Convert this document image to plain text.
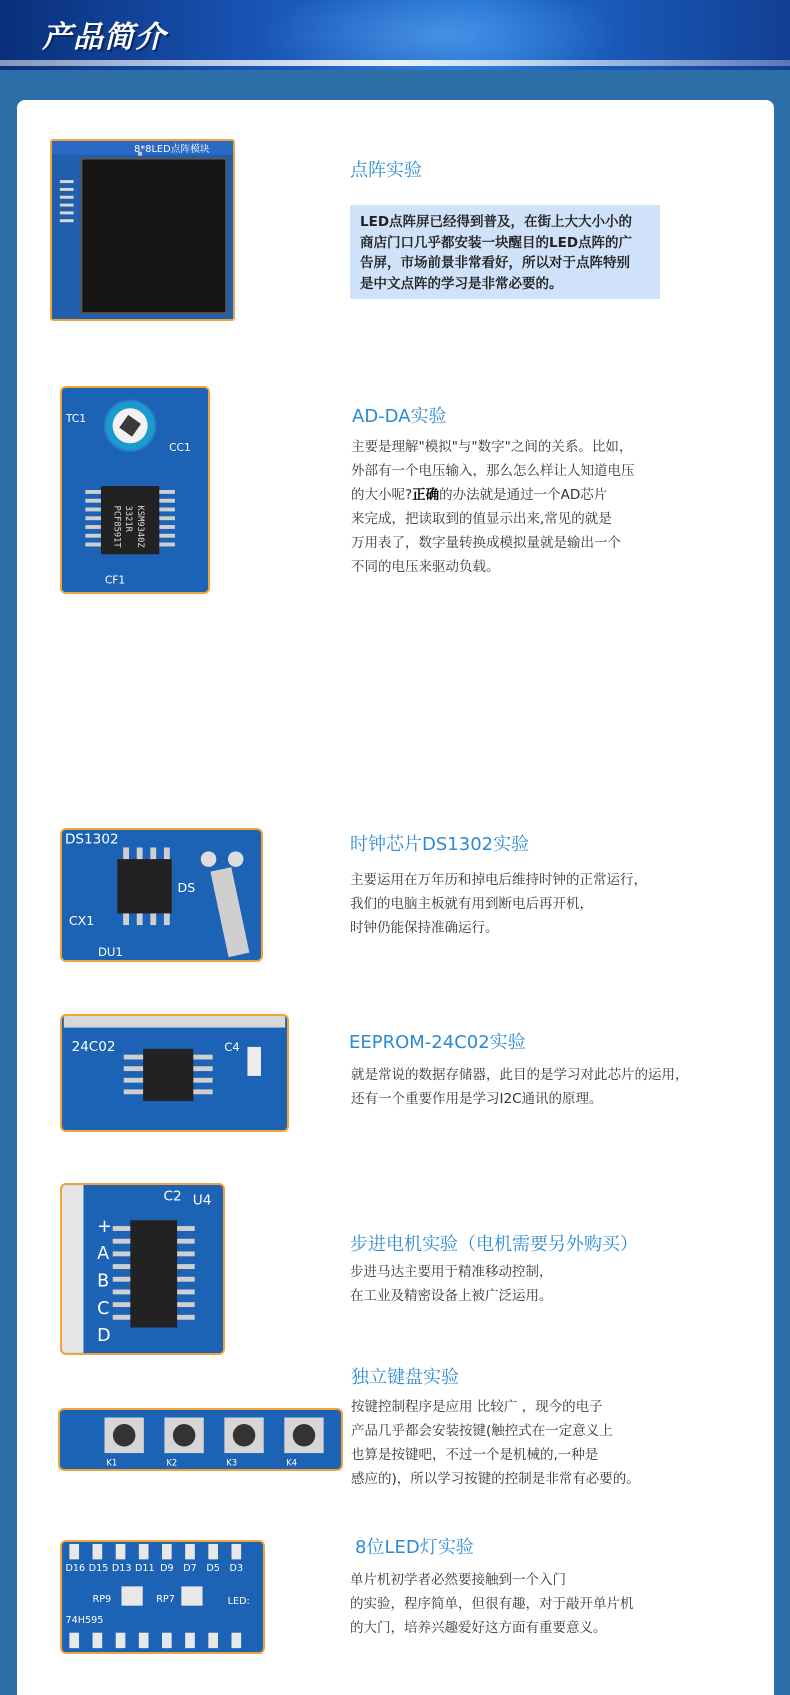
产品简介
8*8LED点阵模块
点阵实验
LED点阵屏已经得到普及，在街上大大小小的
商店门口几乎都安装一块醒目的LED点阵的广
告屏，市场前景非常看好，所以对于点阵特别
是中文点阵的学习是非常必要的。
TC1
CC1
PCF8591T 3321R KSM9340Z
CF1
AD-DA实验
主要是理解"模拟"与"数字"之间的关系。比如，
外部有一个电压输入，那么怎么样让人知道电压
的大小呢?正确的办法就是通过一个AD芯片
来完成，把读取到的值显示出来,常见的就是
万用表了，数字量转换成模拟量就是输出一个
不同的电压来驱动负载。
DS1302
CX1
DS
DU1
时钟芯片DS1302实验
主要运用在万年历和掉电后维持时钟的正常运行，
我们的电脑主板就有用到断电后再开机，
时钟仍能保持准确运行。
24C02	C4	EEPROM-24C02实验
就是常说的数据存储器，此目的是学习对此芯片的运用，
还有一个重要作用是学习I2C通讯的原理。
C2 U4
+
A
B
C
D
步进电机实验（电机需要另外购买）
步进马达主要用于精准移动控制，
在工业及精密设备上被广泛运用。
独立键盘实验
K1	K2	K3	K4
按键控制程序是应用 比较广 ，现今的电子
产品几乎都会安装按键(触控式在一定意义上
也算是按键吧，不过一个是机械的,一种是
感应的)，所以学习按键的控制是非常有必要的。
D16 D15 D13 D11 D9 D7 D5 D3
RP9	RP7	LED:
74H595
8位LED灯实验
单片机初学者必然要接触到一个入门
的实验，程序简单，但很有趣，对于敲开单片机
的大门，培养兴趣爱好这方面有重要意义。
